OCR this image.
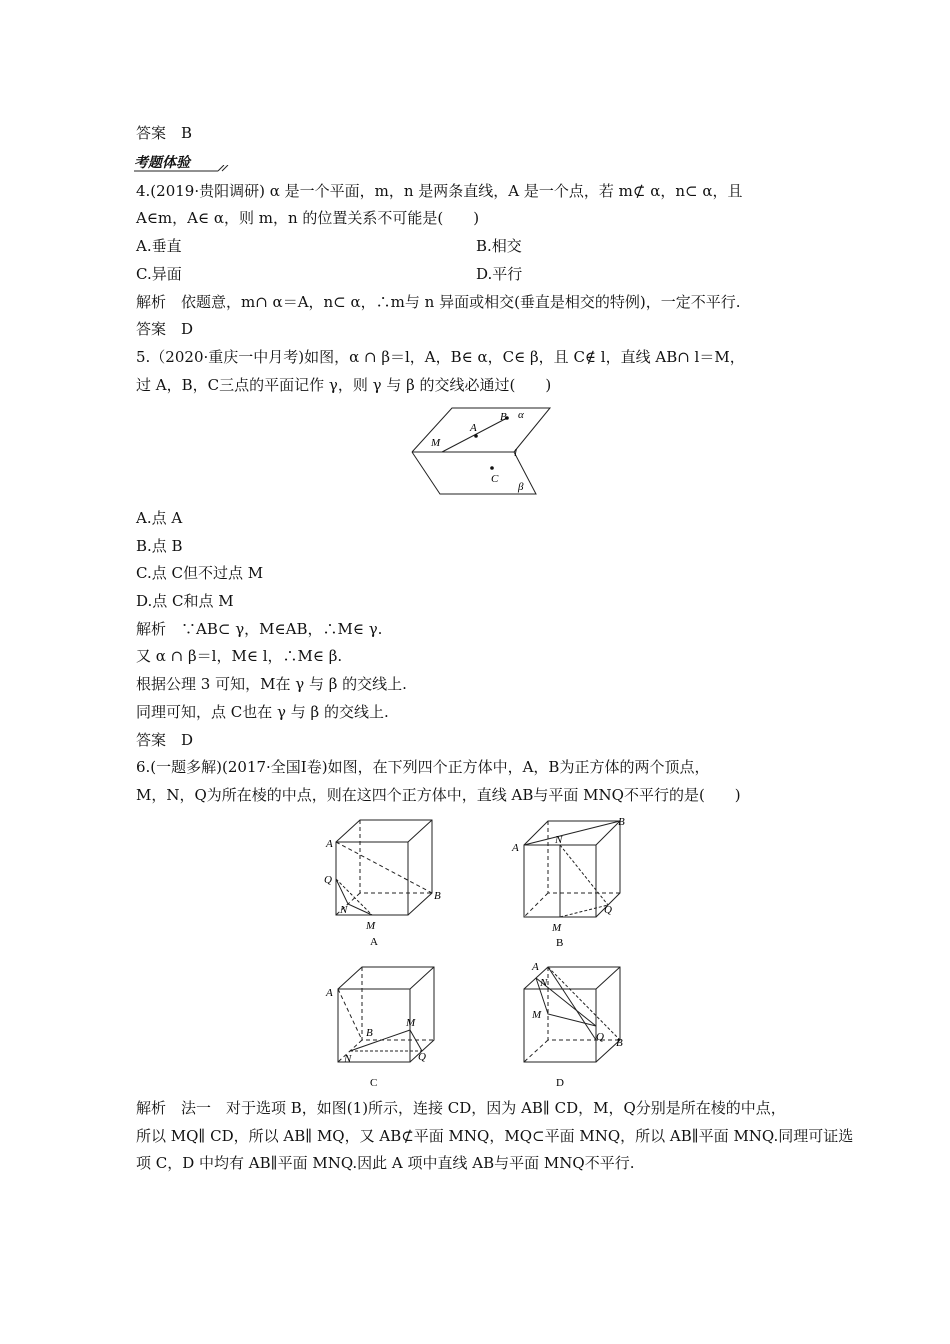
答案　B
考题体验
4.(2019·贵阳调研) α 是一个平面，m，n 是两条直线，A 是一个点，若 m⊄ α，n⊂ α，且
A∈m，A∈ α，则 m，n 的位置关系不可能是(　　)
A.垂直	B.相交
C.异面	D.平行
解析　依题意，m∩ α＝A，n⊂ α，∴m与 n 异面或相交(垂直是相交的特例)，一定不平行.
答案　D
5.（2020·重庆一中月考)如图，α ∩ β＝l，A，B∈ α，C∈ β，且 C∉ l，直线 AB∩ l＝M，
过 A，B，C三点的平面记作 γ，则 γ 与 β 的交线必通过(　　)
M
A
B α
l
C
β
A.点 A
B.点 B
C.点 C但不过点 M
D.点 C和点 M
解析　∵AB⊂ γ，M∈AB，∴M∈ γ.
又 α ∩ β＝l，M∈ l，∴M∈ β.
根据公理 3 可知，M在 γ 与 β 的交线上.
同理可知，点 C也在 γ 与 β 的交线上.
答案　D
6.(一题多解)(2017·全国Ⅰ卷)如图，在下列四个正方体中，A，B为正方体的两个顶点，
M，N，Q为所在棱的中点，则在这四个正方体中，直线 AB与平面 MNQ不平行的是(　　)
A
Q
N
M
B
A
A
N
B
M
Q
B
A
B
M
N	Q
C
A
N
M
Q B
D
解析　法一　对于选项 B，如图(1)所示，连接 CD，因为 AB∥ CD，M，Q分别是所在棱的中点，
所以 MQ∥ CD，所以 AB∥ MQ，又 AB⊄平面 MNQ，MQ⊂平面 MNQ，所以 AB∥平面 MNQ.同理可证选
项 C，D 中均有 AB∥平面 MNQ.因此 A 项中直线 AB与平面 MNQ不平行.
